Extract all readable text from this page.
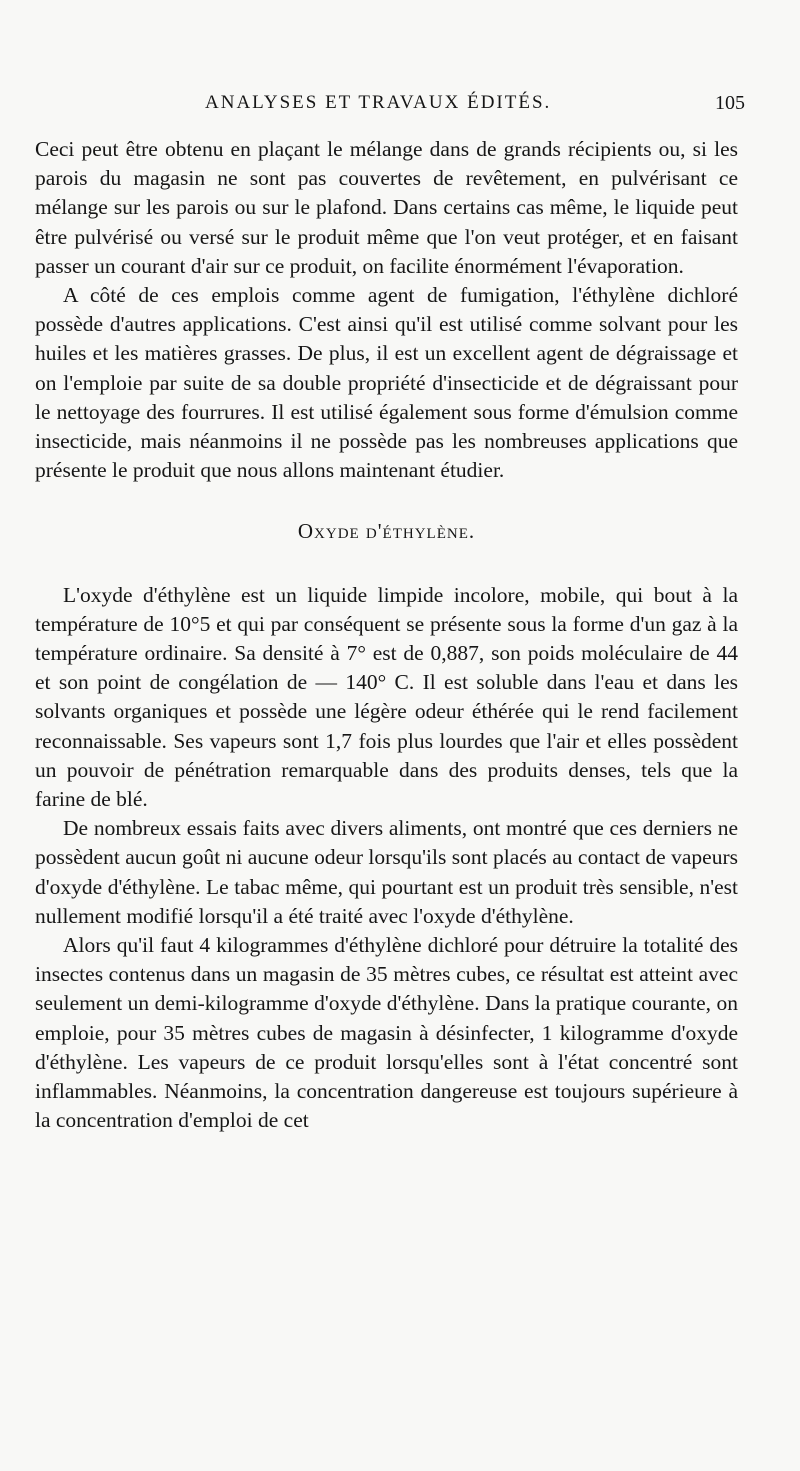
ANALYSES ET TRAVAUX ÉDITÉS.	105

Ceci peut être obtenu en plaçant le mélange dans de grands récipients ou, si les parois du magasin ne sont pas couvertes de revêtement, en pulvérisant ce mélange sur les parois ou sur le plafond. Dans certains cas même, le liquide peut être pulvérisé ou versé sur le produit même que l'on veut protéger, et en faisant passer un courant d'air sur ce produit, on facilite énormément l'évaporation.

A côté de ces emplois comme agent de fumigation, l'éthylène dichloré possède d'autres applications. C'est ainsi qu'il est utilisé comme solvant pour les huiles et les matières grasses. De plus, il est un excellent agent de dégraissage et on l'emploie par suite de sa double propriété d'insecticide et de dégraissant pour le nettoyage des fourrures. Il est utilisé également sous forme d'émulsion comme insecticide, mais néanmoins il ne possède pas les nombreuses applications que présente le produit que nous allons maintenant étudier.

Oxyde d'éthylène.

L'oxyde d'éthylène est un liquide limpide incolore, mobile, qui bout à la température de 10°5 et qui par conséquent se présente sous la forme d'un gaz à la température ordinaire. Sa densité à 7° est de 0,887, son poids moléculaire de 44 et son point de congélation de — 140° C. Il est soluble dans l'eau et dans les solvants organiques et possède une légère odeur éthérée qui le rend facilement reconnaissable. Ses vapeurs sont 1,7 fois plus lourdes que l'air et elles possèdent un pouvoir de pénétration remarquable dans des produits denses, tels que la farine de blé.

De nombreux essais faits avec divers aliments, ont montré que ces derniers ne possèdent aucun goût ni aucune odeur lorsqu'ils sont placés au contact de vapeurs d'oxyde d'éthylène. Le tabac même, qui pourtant est un produit très sensible, n'est nullement modifié lorsqu'il a été traité avec l'oxyde d'éthylène.

Alors qu'il faut 4 kilogrammes d'éthylène dichloré pour détruire la totalité des insectes contenus dans un magasin de 35 mètres cubes, ce résultat est atteint avec seulement un demi-kilogramme d'oxyde d'éthylène. Dans la pratique courante, on emploie, pour 35 mètres cubes de magasin à désinfecter, 1 kilogramme d'oxyde d'éthylène. Les vapeurs de ce produit lorsqu'elles sont à l'état concentré sont inflammables. Néanmoins, la concentration dangereuse est toujours supérieure à la concentration d'emploi de cet
